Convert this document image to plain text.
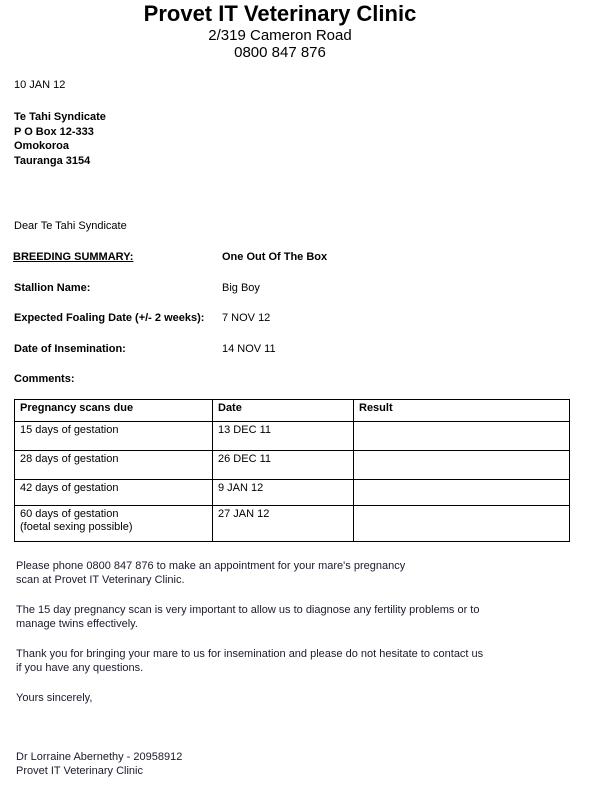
Provet IT Veterinary Clinic
2/319 Cameron Road
0800 847 876
10 JAN 12
Te Tahi Syndicate
P O Box 12-333
Omokoroa
Tauranga 3154
Dear Te Tahi Syndicate
BREEDING SUMMARY:	One Out Of The Box
Stallion Name:	Big Boy
Expected Foaling Date (+/- 2 weeks): 7 NOV 12
Date of Insemination:	14 NOV 11
Comments:
Pregnancy scans due	Date	Result
15 days of gestation	13 DEC 11	
28 days of gestation	26 DEC 11	
42 days of gestation	9 JAN 12	

60 days of gestation
(foetal sexing possible)	27 JAN 12	
Please phone 0800 847 876 to make an appointment for your mare's pregnancy
scan at Provet IT Veterinary Clinic.
The 15 day pregnancy scan is very important to allow us to diagnose any fertility problems or to
manage twins effectively.
Thank you for bringing your mare to us for insemination and please do not hesitate to contact us
if you have any questions.
Yours sincerely,
Dr Lorraine Abernethy - 20958912
Provet IT Veterinary Clinic
